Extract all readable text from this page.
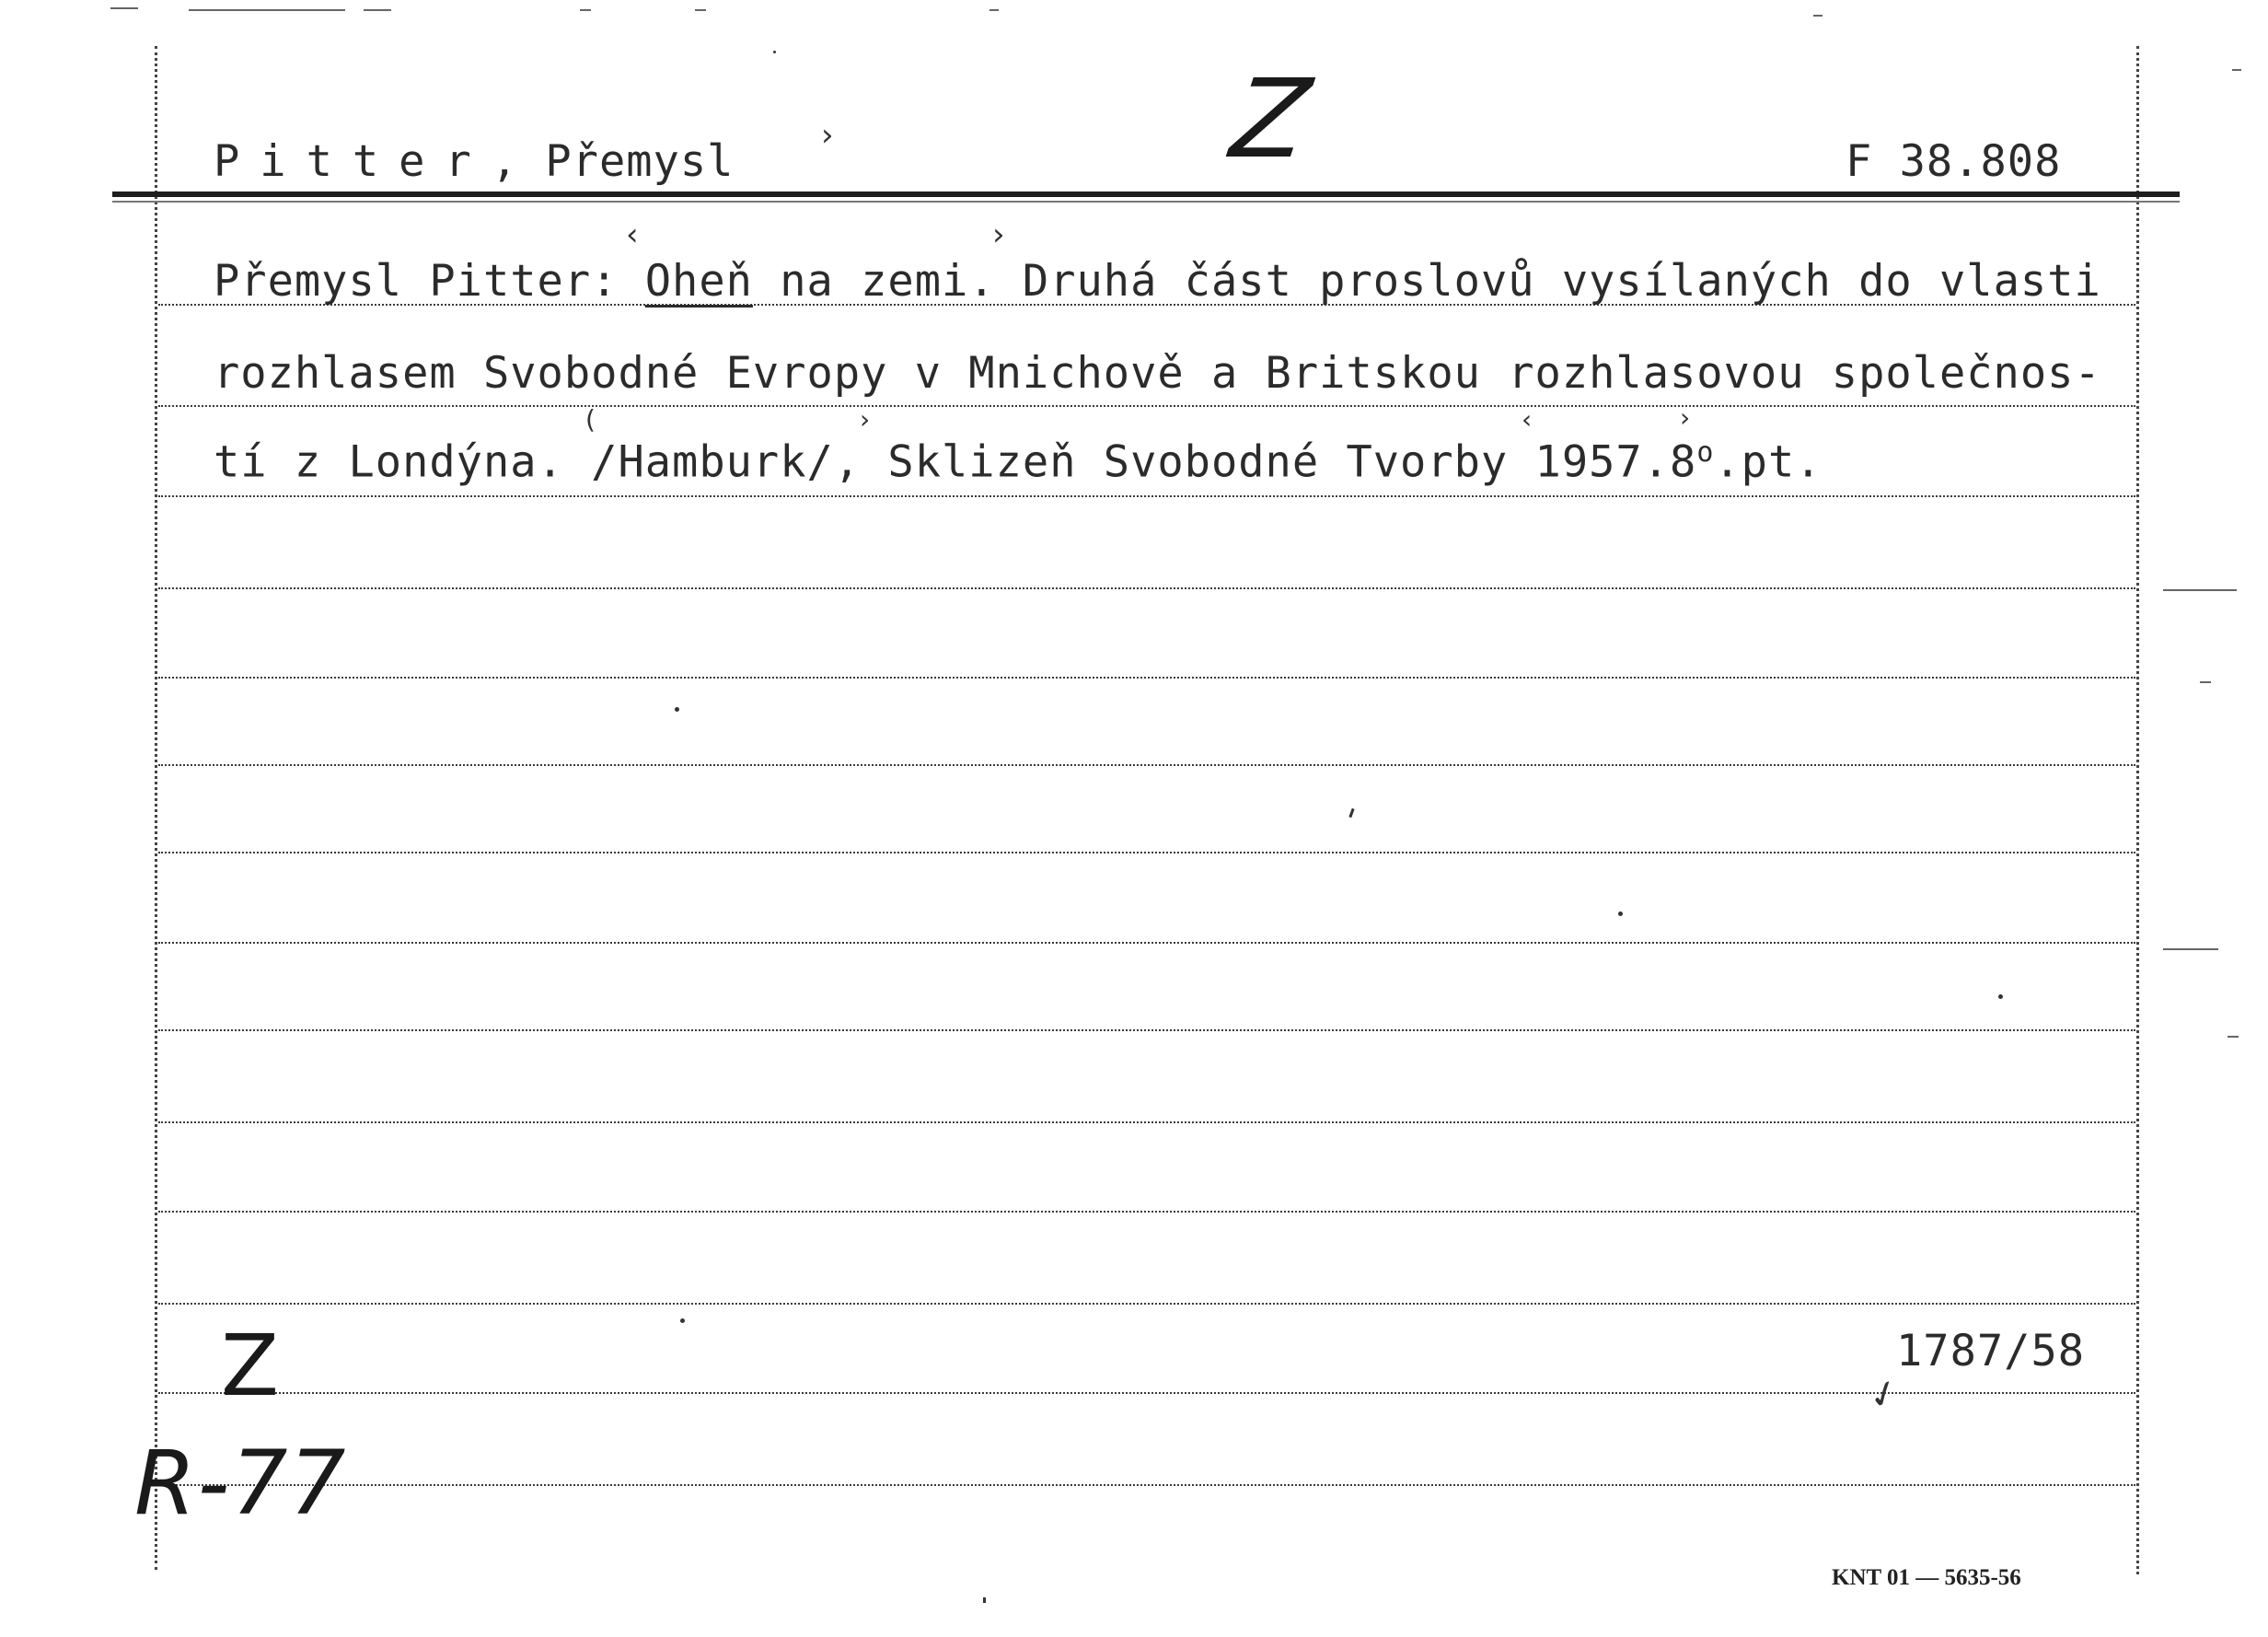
Pitter, Přemysl
›	Z	F 38.808
Přemysl Pitter: Oheň na zemi. Druhá část proslovů vysílaných do vlasti
‹	›
rozhlasem Svobodné Evropy v Mnichově a Britskou rozhlasovou společnos-
tí z Londýna. /Hamburk/, Sklizeň Svobodné Tvorby 1957.8$^o$.pt.
(	›	‹	›
Z	1787/58
✓
R-77
KNT 01 — 5635-56
